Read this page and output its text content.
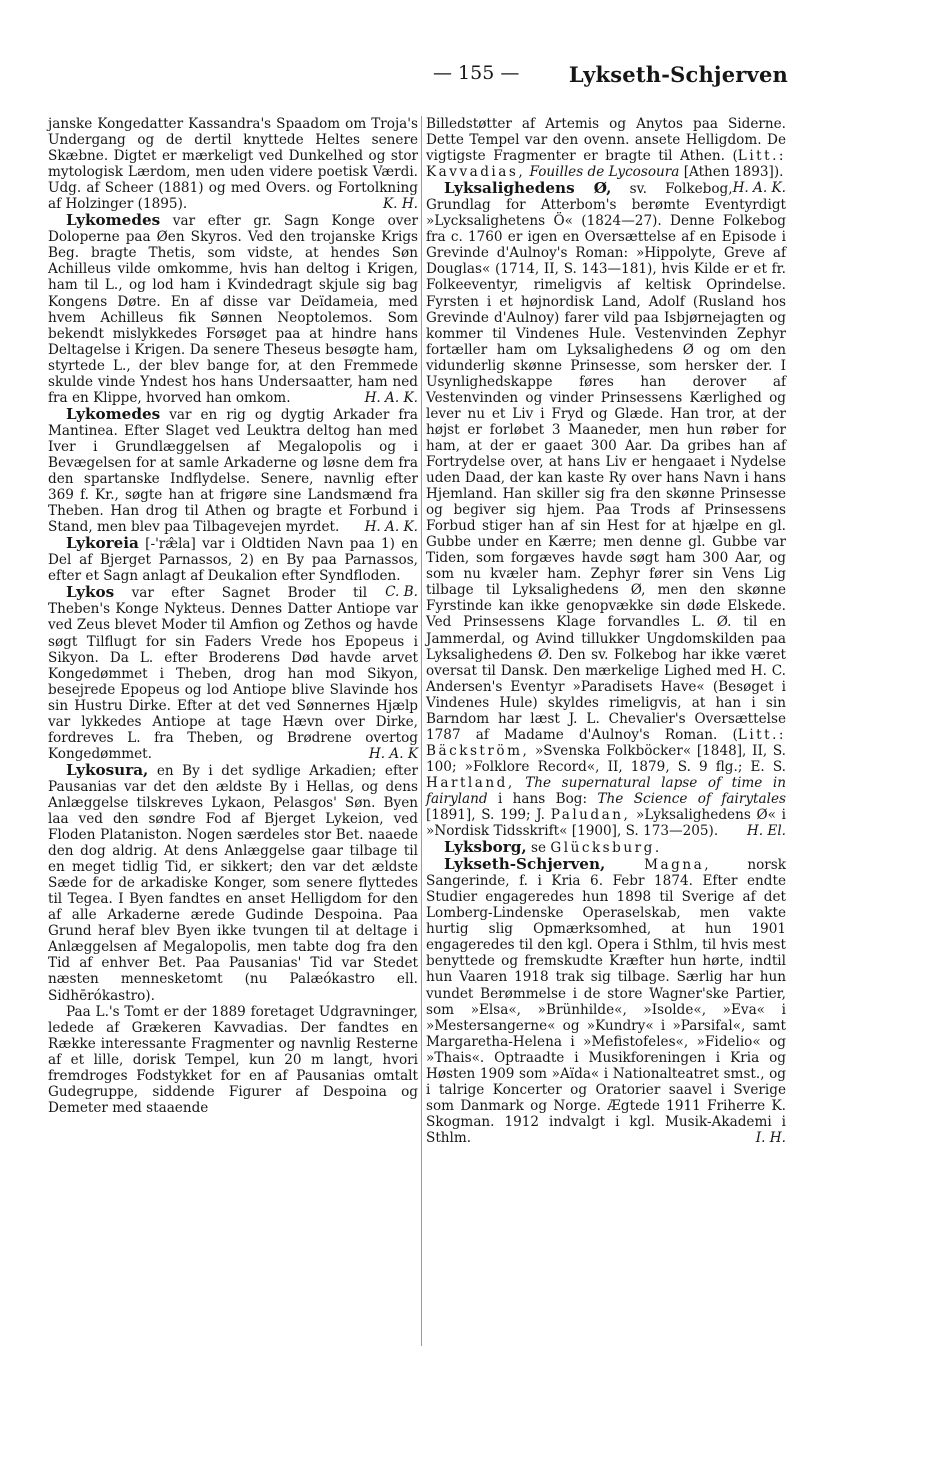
— 155 — Lykseth-Schjerven

janske Kongedatter Kassandra's Spaadom om Troja's Undergang og de dertil knyttede Heltes senere Skæbne. Digtet er mærkeligt ved Dunkelhed og stor mytologisk Lærdom, men uden videre poetisk Værdi. Udg. af Scheer (1881) og med Overs. og Fortolkning af Holzinger (1895).	K. H.

Lykomedes var efter gr. Sagn Konge over Doloperne paa Øen Skyros. Ved den trojanske Krigs Beg. bragte Thetis, som vidste, at hendes Søn Achilleus vilde omkomme, hvis han deltog i Krigen, ham til L., og lod ham i Kvindedragt skjule sig bag Kongens Døtre. En af disse var Deïdameia, med hvem Achilleus fik Sønnen Neoptolemos. Som bekendt mislykkedes Forsøget paa at hindre hans Deltagelse i Krigen. Da senere Theseus besøgte ham, styrtede L., der blev bange for, at den Fremmede skulde vinde Yndest hos hans Undersaatter, ham ned fra en Klippe, hvorved han omkom.	H. A. K.

Lykomedes var en rig og dygtig Arkader fra Mantinea. Efter Slaget ved Leuktra deltog han med Iver i Grundlæggelsen af Megalopolis og i Bevægelsen for at samle Arkaderne og løsne dem fra den spartanske Indflydelse. Senere, navnlig efter 369 f. Kr., søgte han at frigøre sine Landsmænd fra Theben. Han drog til Athen og bragte et Forbund i Stand, men blev paa Tilbagevejen myrdet.	H. A. K.

Lykoreia [-'ræ̂la] var i Oldtiden Navn paa 1) en Del af Bjerget Parnassos, 2) en By paa Parnassos, efter et Sagn anlagt af Deukalion efter Syndfloden.
C. B.

Lykos var efter Sagnet Broder til Theben's Konge Nykteus. Dennes Datter Antiope var ved Zeus blevet Moder til Amfion og Zethos og havde søgt Tilflugt for sin Faders Vrede hos Epopeus i Sikyon. Da L. efter Broderens Død havde arvet Kongedømmet i Theben, drog han mod Sikyon, besejrede Epopeus og lod Antiope blive Slavinde hos sin Hustru Dirke. Efter at det ved Sønnernes Hjælp var lykkedes Antiope at tage Hævn over Dirke, fordreves L. fra Theben, og Brødrene overtog Kongedømmet.	H. A. K

Lykosura, en By i det sydlige Arkadien; efter Pausanias var det den ældste By i Hellas, og dens Anlæggelse tilskreves Lykaon, Pelasgos' Søn. Byen laa ved den søndre Fod af Bjerget Lykeion, ved Floden Plataniston. Nogen særdeles stor Bet. naaede den dog aldrig. At dens Anlæggelse gaar tilbage til en meget tidlig Tid, er sikkert; den var det ældste Sæde for de arkadiske Konger, som senere flyttedes til Tegea. I Byen fandtes en anset Helligdom for den af alle Arkaderne ærede Gudinde Despoina. Paa Grund heraf blev Byen ikke tvungen til at deltage i Anlæggelsen af Megalopolis, men tabte dog fra den Tid af enhver Bet. Paa Pausanias' Tid var Stedet næsten mennesketomt (nu Palæókastro ell. Sidhērókastro).

Paa L.'s Tomt er der 1889 foretaget Udgravninger, ledede af Grækeren Kavvadias. Der fandtes en Række interessante Fragmenter og navnlig Resterne af et lille, dorisk Tempel, kun 20 m langt, hvori fremdroges Fodstykket for en af Pausanias omtalt Gudegruppe, siddende Figurer af Despoina og Demeter med staaende

Billedstøtter af Artemis og Anytos paa Siderne. Dette Tempel var den ovenn. ansete Helligdom. De vigtigste Fragmenter er bragte til Athen. (Litt.: Kavvadias, Fouilles de Lycosoura [Athen 1893]).
H. A. K.

Lyksalighedens Ø, sv. Folkebog, Grundlag for Atterbom's berømte Eventyrdigt »Lycksalighetens Ö« (1824—27). Denne Folkebog fra c. 1760 er igen en Oversættelse af en Episode i Grevinde d'Aulnoy's Roman: »Hippolyte, Greve af Douglas« (1714, II, S. 143—181), hvis Kilde er et fr. Folkeeventyr, rimeligvis af keltisk Oprindelse. Fyrsten i et højnordisk Land, Adolf (Rusland hos Grevinde d'Aulnoy) farer vild paa Isbjørnejagten og kommer til Vindenes Hule. Vestenvinden Zephyr fortæller ham om Lyksalighedens Ø og om den vidunderlig skønne Prinsesse, som hersker der. I Usynlighedskappe føres han derover af Vestenvinden og vinder Prinsessens Kærlighed og lever nu et Liv i Fryd og Glæde. Han tror, at der højst er forløbet 3 Maaneder, men hun røber for ham, at der er gaaet 300 Aar. Da gribes han af Fortrydelse over, at hans Liv er hengaaet i Nydelse uden Daad, der kan kaste Ry over hans Navn i hans Hjemland. Han skiller sig fra den skønne Prinsesse og begiver sig hjem. Paa Trods af Prinsessens Forbud stiger han af sin Hest for at hjælpe en gl. Gubbe under en Kærre; men denne gl. Gubbe var Tiden, som forgæves havde søgt ham 300 Aar, og som nu kvæler ham. Zephyr fører sin Vens Lig tilbage til Lyksalighedens Ø, men den skønne Fyrstinde kan ikke genopvække sin døde Elskede. Ved Prinsessens Klage forvandles L. Ø. til en Jammerdal, og Avind tillukker Ungdomskilden paa Lyksalighedens Ø. Den sv. Folkebog har ikke været oversat til Dansk. Den mærkelige Lighed med H. C. Andersen's Eventyr »Paradisets Have« (Besøget i Vindenes Hule) skyldes rimeligvis, at han i sin Barndom har læst J. L. Chevalier's Oversættelse 1787 af Madame d'Aulnoy's Roman. (Litt.: Bäckström, »Svenska Folkböcker« [1848], II, S. 100; »Folklore Record«, II, 1879, S. 9 flg.; E. S. Hartland, The supernatural lapse of time in fairyland i hans Bog: The Science of fairytales [1891], S. 199; J. Paludan, »Lyksalighedens Ø« i »Nordisk Tidsskrift« [1900], S. 173—205).	H. El.

Lyksborg, se Glücksburg.

Lykseth-Schjerven, Magna, norsk Sangerinde, f. i Kria 6. Febr 1874. Efter endte Studier engageredes hun 1898 til Sverige af det Lomberg-Lindenske Operaselskab, men vakte hurtig slig Opmærksomhed, at hun 1901 engageredes til den kgl. Opera i Sthlm, til hvis mest benyttede og fremskudte Kræfter hun hørte, indtil hun Vaaren 1918 trak sig tilbage. Særlig har hun vundet Berømmelse i de store Wagner'ske Partier, som »Elsa«, »Brünhilde«, »Isolde«, »Eva« i »Mestersangerne« og »Kundry« i »Parsifal«, samt Margaretha-Helena i »Mefistofeles«, »Fidelio« og »Thais«. Optraadte i Musikforeningen i Kria og Høsten 1909 som »Aïda« i Nationalteatret smst., og i talrige Koncerter og Oratorier saavel i Sverige som Danmark og Norge. Ægtede 1911 Friherre K. Skogman. 1912 indvalgt i kgl. Musik-Akademi i Sthlm.	I. H.
